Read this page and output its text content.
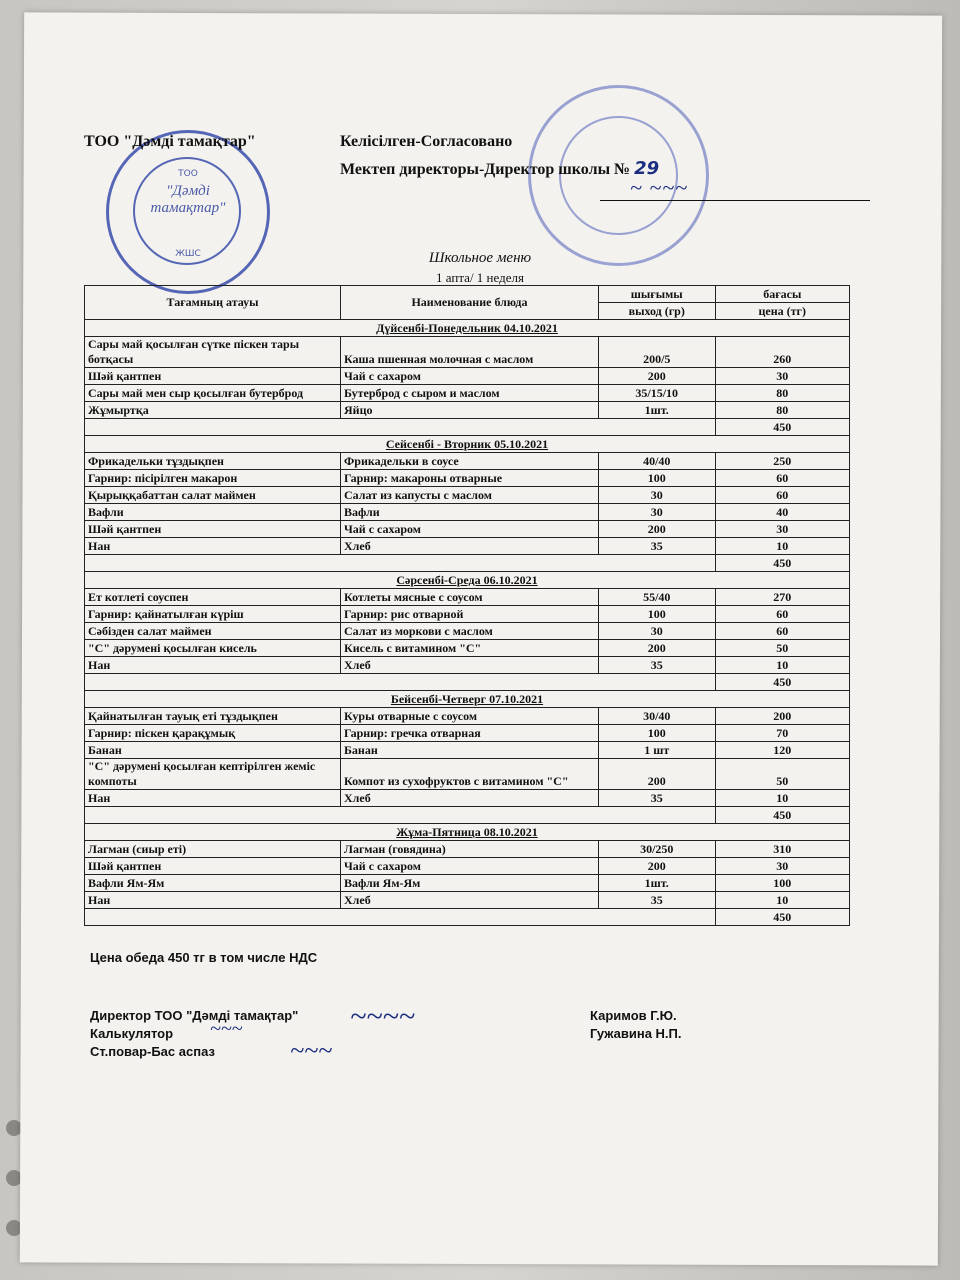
ТОО
"Дәмді
тамақтар"
ЖШС
ТОО "Дәмді тамақтар"	Келісілген-Согласовано
Мектеп директоры-Директор школы № 29
~ ~~~
Школьное меню
1 апта/ 1 неделя
Тағамның атауы	Наименование блюда	шығымы	бағасы
		выход (гр)	цена (тг)
Дүйсенбі-Понедельник 04.10.2021			
Сары май қосылған сүтке піскен тары ботқасы	Каша пшенная молочная с маслом	200/5	260
Шәй қантпен	Чай с сахаром	200	30
Сары май мен сыр қосылған бутерброд	Бутерброд с сыром и маслом	35/15/10	80
Жұмыртқа	Яйцо	1шт.	80
			450
Сейсенбі - Вторник 05.10.2021			
Фрикадельки тұздықпен	Фрикадельки в соусе	40/40	250
Гарнир: пісірілген макарон	Гарнир: макароны отварные	100	60
Қырыққабаттан салат маймен	Салат из капусты с маслом	30	60
Вафли	Вафли	30	40
Шәй қантпен	Чай с сахаром	200	30
Нан	Хлеб	35	10
			450
Сәрсенбі-Среда 06.10.2021			
Ет котлеті соуспен	Котлеты мясные с соусом	55/40	270
Гарнир: қайнатылған күріш	Гарнир: рис отварной	100	60
Сәбізден салат маймен	Салат из моркови с маслом	30	60
"С" дәрумені қосылған кисель	Кисель с витамином "С"	200	50
Нан	Хлеб	35	10
			450
Бейсенбі-Четверг 07.10.2021			
Қайнатылған тауық еті тұздықпен	Куры отварные с соусом	30/40	200
Гарнир: піскен қарақұмық	Гарнир: гречка отварная	100	70
Банан	Банан	1 шт	120
"С" дәрумені қосылған кептірілген жеміс компоты	Компот из сухофруктов с витамином "С"	200	50
Нан	Хлеб	35	10
			450
Жұма-Пятница 08.10.2021			
Лагман (сиыр еті)	Лагман (говядина)	30/250	310
Шәй қантпен	Чай с сахаром	200	30
Вафли Ям-Ям	Вафли Ям-Ям	1шт.	100
Нан	Хлеб	35	10
			450
Цена обеда 450 тг в том числе НДС
Директор ТОО "Дәмді тамақтар"
Калькулятор
Ст.повар-Бас аспаз
Каримов Г.Ю.
Гужавина Н.П.
~~~~
~~~
~~~
